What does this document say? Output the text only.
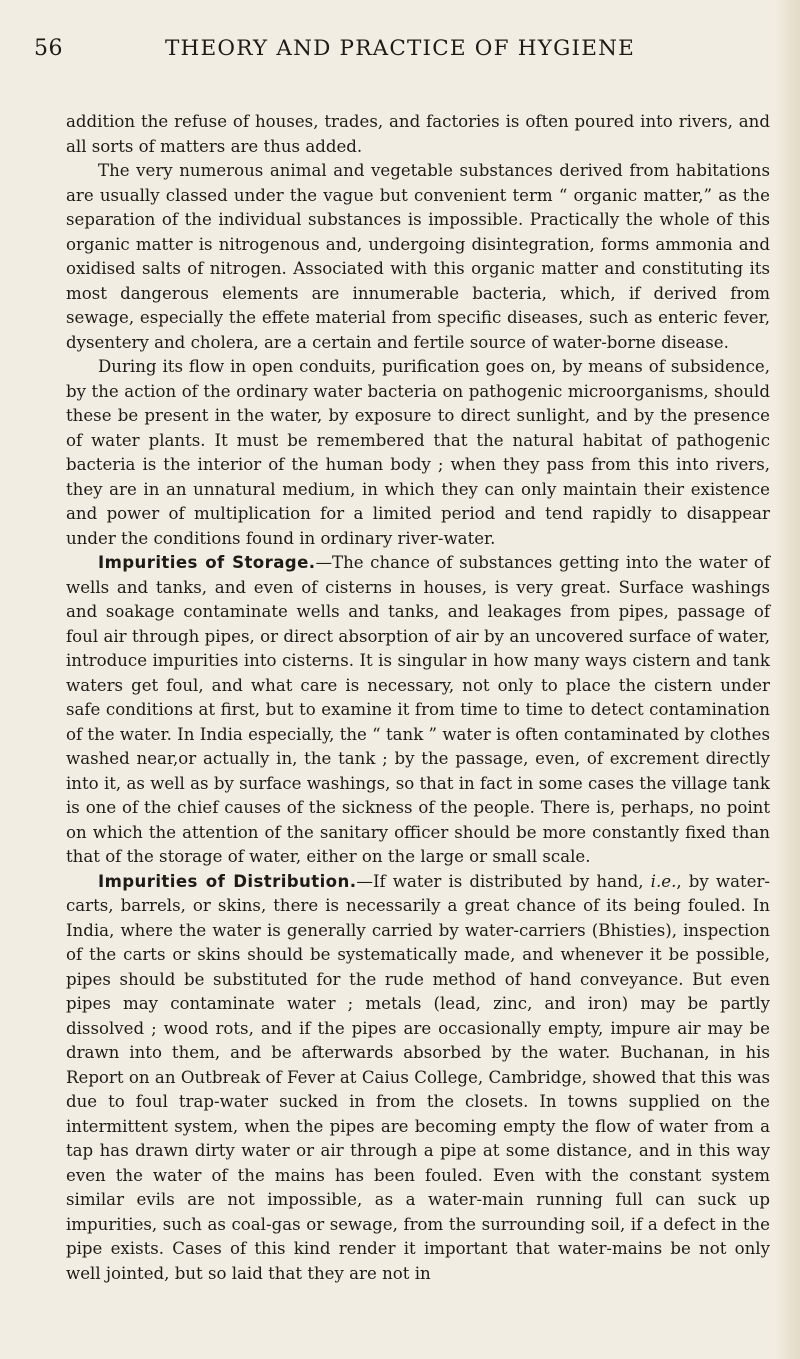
56	THEORY AND PRACTICE OF HYGIENE

addition the refuse of houses, trades, and factories is often poured into rivers, and all sorts of matters are thus added.

The very numerous animal and vegetable substances derived from habitations are usually classed under the vague but convenient term “ organic matter,” as the separation of the individual substances is impossible. Practically the whole of this organic matter is nitrogenous and, undergoing disintegration, forms ammonia and oxidised salts of nitrogen. Associated with this organic matter and constituting its most dangerous elements are innumerable bacteria, which, if derived from sewage, especially the effete material from specific diseases, such as enteric fever, dysentery and cholera, are a certain and fertile source of water-borne disease.

During its flow in open conduits, purification goes on, by means of subsidence, by the action of the ordinary water bacteria on pathogenic microorganisms, should these be present in the water, by exposure to direct sunlight, and by the presence of water plants. It must be remembered that the natural habitat of pathogenic bacteria is the interior of the human body ; when they pass from this into rivers, they are in an unnatural medium, in which they can only maintain their existence and power of multiplication for a limited period and tend rapidly to disappear under the conditions found in ordinary river-water.

Impurities of Storage.—The chance of substances getting into the water of wells and tanks, and even of cisterns in houses, is very great. Surface washings and soakage contaminate wells and tanks, and leakages from pipes, passage of foul air through pipes, or direct absorption of air by an uncovered surface of water, introduce impurities into cisterns. It is singular in how many ways cistern and tank waters get foul, and what care is necessary, not only to place the cistern under safe conditions at first, but to examine it from time to time to detect contamination of the water. In India especially, the “ tank ” water is often contaminated by clothes washed near,or actually in, the tank ; by the passage, even, of excrement directly into it, as well as by surface washings, so that in fact in some cases the village tank is one of the chief causes of the sickness of the people. There is, perhaps, no point on which the attention of the sanitary officer should be more constantly fixed than that of the storage of water, either on the large or small scale.

Impurities of Distribution.—If water is distributed by hand, i.e., by water-carts, barrels, or skins, there is necessarily a great chance of its being fouled. In India, where the water is generally carried by water-carriers (Bhisties), inspection of the carts or skins should be systematically made, and whenever it be possible, pipes should be substituted for the rude method of hand conveyance. But even pipes may contaminate water ; metals (lead, zinc, and iron) may be partly dissolved ; wood rots, and if the pipes are occasionally empty, impure air may be drawn into them, and be afterwards absorbed by the water. Buchanan, in his Report on an Outbreak of Fever at Caius College, Cambridge, showed that this was due to foul trap-water sucked in from the closets. In towns supplied on the intermittent system, when the pipes are becoming empty the flow of water from a tap has drawn dirty water or air through a pipe at some distance, and in this way even the water of the mains has been fouled. Even with the constant system similar evils are not impossible, as a water-main running full can suck up impurities, such as coal-gas or sewage, from the surrounding soil, if a defect in the pipe exists. Cases of this kind render it important that water-mains be not only well jointed, but so laid that they are not in
